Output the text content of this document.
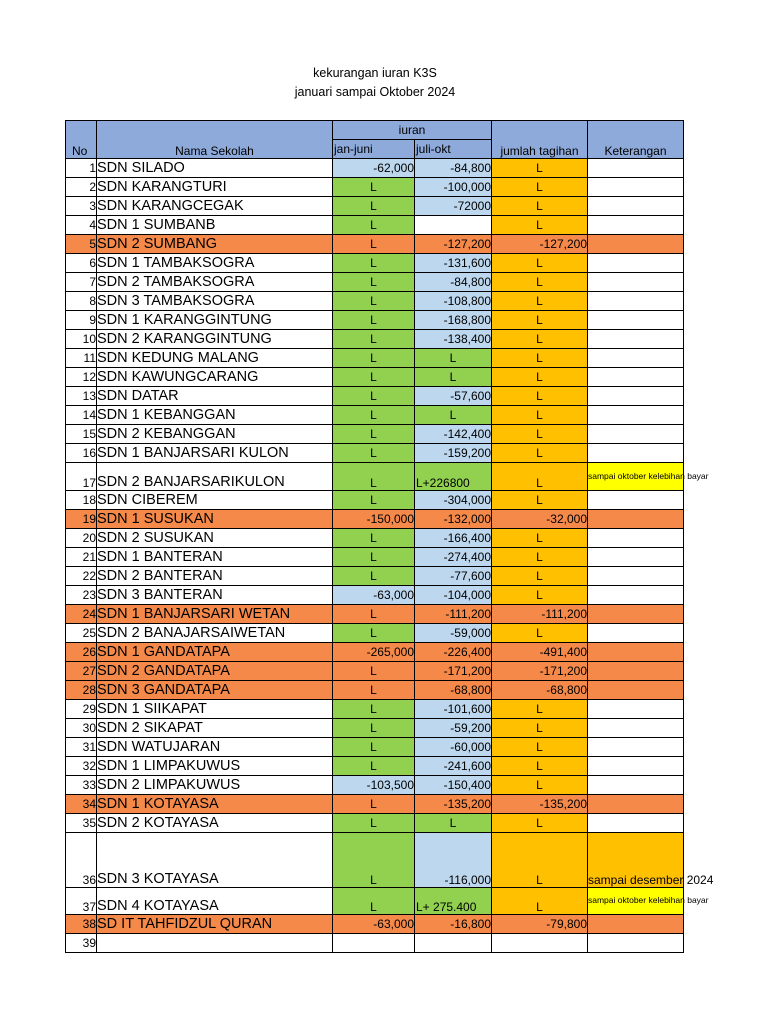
kekurangan iuran K3S
januari sampai Oktober 2024
No	Nama Sekolah	iuran		jumlah tagihan	Keterangan
		jan-juni	juli-okt		
1	SDN SILADO	-62,000	-84,800	L	
2	SDN KARANGTURI	L	-100,000	L	
3	SDN KARANGCEGAK	L	-72000	L	
4	SDN 1 SUMBANB	L		L	
5	SDN 2 SUMBANG	L	-127,200	-127,200	
6	SDN 1 TAMBAKSOGRA	L	-131,600	L	
7	SDN 2 TAMBAKSOGRA	L	-84,800	L	
8	SDN 3 TAMBAKSOGRA	L	-108,800	L	
9	SDN 1 KARANGGINTUNG	L	-168,800	L	
10	SDN 2 KARANGGINTUNG	L	-138,400	L	
11	SDN KEDUNG MALANG	L	L	L	
12	SDN KAWUNGCARANG	L	L	L	
13	SDN DATAR	L	-57,600	L	
14	SDN 1 KEBANGGAN	L	L	L	
15	SDN 2 KEBANGGAN	L	-142,400	L	
16	SDN 1 BANJARSARI KULON	L	-159,200	L	
17	SDN 2 BANJARSARIKULON	L	L+226800	L	sampai oktober kelebihan bayar
18	SDN CIBEREM	L	-304,000	L	
19	SDN 1 SUSUKAN	-150,000	-132,000	-32,000	
20	SDN 2 SUSUKAN	L	-166,400	L	
21	SDN 1 BANTERAN	L	-274,400	L	
22	SDN 2 BANTERAN	L	-77,600	L	
23	SDN 3 BANTERAN	-63,000	-104,000	L	
24	SDN 1 BANJARSARI WETAN	L	-111,200	-111,200	
25	SDN 2 BANAJARSAIWETAN	L	-59,000	L	
26	SDN 1 GANDATAPA	-265,000	-226,400	-491,400	
27	SDN 2 GANDATAPA	L	-171,200	-171,200	
28	SDN 3 GANDATAPA	L	-68,800	-68,800	
29	SDN 1 SIIKAPAT	L	-101,600	L	
30	SDN 2 SIKAPAT	L	-59,200	L	
31	SDN WATUJARAN	L	-60,000	L	
32	SDN 1 LIMPAKUWUS	L	-241,600	L	
33	SDN 2 LIMPAKUWUS	-103,500	-150,400	L	
34	SDN 1 KOTAYASA	L	-135,200	-135,200	
35	SDN 2 KOTAYASA	L	L	L	
36	SDN 3 KOTAYASA	L	-116,000	L	sampai desember 2024
37	SDN 4 KOTAYASA	L	L+ 275.400	L	sampai oktober kelebihan bayar
38	SD IT TAHFIDZUL QURAN	-63,000	-16,800	-79,800	
39					
